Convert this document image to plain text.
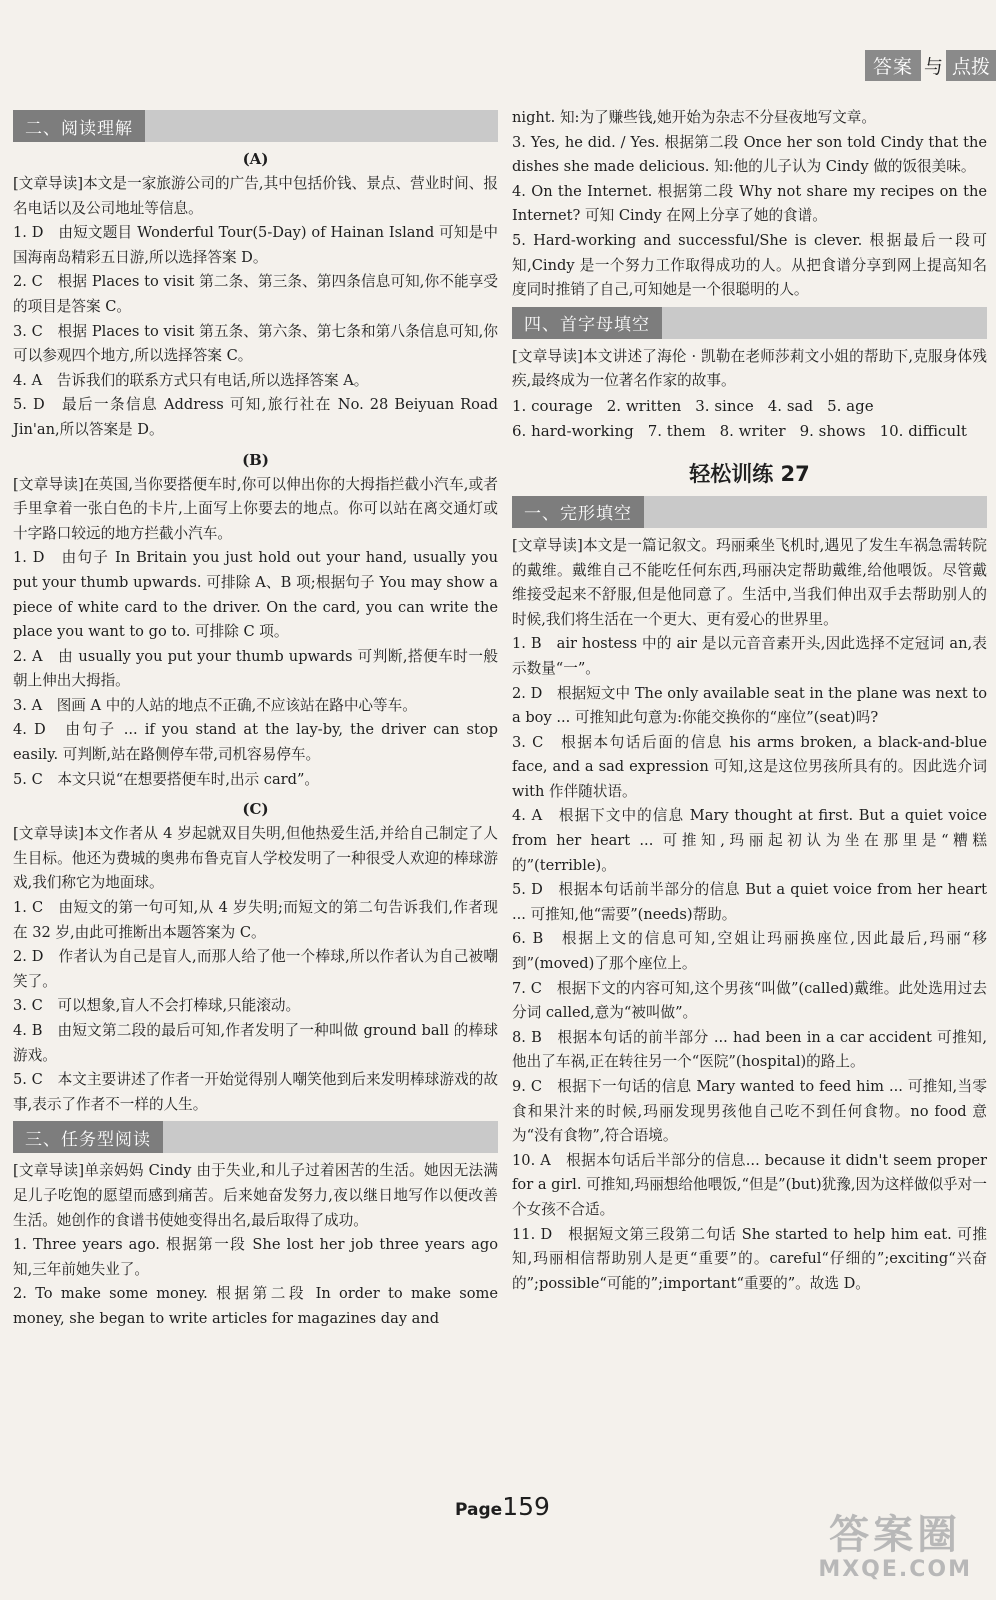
答案 与 点拨
二、阅读理解
(A)

[文章导读]本文是一家旅游公司的广告,其中包括价钱、景点、营业时间、报名电话以及公司地址等信息。

1. D　由短文题目 Wonderful Tour(5-Day) of Hainan Island 可知是中国海南岛精彩五日游,所以选择答案 D。

2. C　根据 Places to visit 第二条、第三条、第四条信息可知,你不能享受的项目是答案 C。

3. C　根据 Places to visit 第五条、第六条、第七条和第八条信息可知,你可以参观四个地方,所以选择答案 C。

4. A　告诉我们的联系方式只有电话,所以选择答案 A。

5. D　最后一条信息 Address 可知,旅行社在 No. 28 Beiyuan Road Jin'an,所以答案是 D。

(B)

[文章导读]在英国,当你要搭便车时,你可以伸出你的大拇指拦截小汽车,或者手里拿着一张白色的卡片,上面写上你要去的地点。你可以站在离交通灯或十字路口较远的地方拦截小汽车。

1. D　由句子 In Britain you just hold out your hand, usually you put your thumb upwards. 可排除 A、B 项;根据句子 You may show a piece of white card to the driver. On the card, you can write the place you want to go to. 可排除 C 项。

2. A　由 usually you put your thumb upwards 可判断,搭便车时一般朝上伸出大拇指。

3. A　图画 A 中的人站的地点不正确,不应该站在路中心等车。

4. D　由句子 ... if you stand at the lay-by, the driver can stop easily. 可判断,站在路侧停车带,司机容易停车。

5. C　本文只说“在想要搭便车时,出示 card”。

(C)

[文章导读]本文作者从 4 岁起就双目失明,但他热爱生活,并给自己制定了人生目标。他还为费城的奥弗布鲁克盲人学校发明了一种很受人欢迎的棒球游戏,我们称它为地面球。

1. C　由短文的第一句可知,从 4 岁失明;而短文的第二句告诉我们,作者现在 32 岁,由此可推断出本题答案为 C。

2. D　作者认为自己是盲人,而那人给了他一个棒球,所以作者认为自己被嘲笑了。

3. C　可以想象,盲人不会打棒球,只能滚动。

4. B　由短文第二段的最后可知,作者发明了一种叫做 ground ball 的棒球游戏。

5. C　本文主要讲述了作者一开始觉得别人嘲笑他到后来发明棒球游戏的故事,表示了作者不一样的人生。

三、任务型阅读

[文章导读]单亲妈妈 Cindy 由于失业,和儿子过着困苦的生活。她因无法满足儿子吃饱的愿望而感到痛苦。后来她奋发努力,夜以继日地写作以便改善生活。她创作的食谱书使她变得出名,最后取得了成功。

1. Three years ago. 根据第一段 She lost her job three years ago 知,三年前她失业了。

2. To make some money. 根据第二段 In order to make some money, she began to write articles for magazines day and

night. 知:为了赚些钱,她开始为杂志不分昼夜地写文章。

3. Yes, he did. / Yes. 根据第二段 Once her son told Cindy that the dishes she made delicious. 知:他的儿子认为 Cindy 做的饭很美味。

4. On the Internet. 根据第二段 Why not share my recipes on the Internet? 可知 Cindy 在网上分享了她的食谱。

5. Hard-working and successful/She is clever. 根据最后一段可知,Cindy 是一个努力工作取得成功的人。从把食谱分享到网上提高知名度同时推销了自己,可知她是一个很聪明的人。

四、首字母填空

[文章导读]本文讲述了海伦 · 凯勒在老师莎莉文小姐的帮助下,克服身体残疾,最终成为一位著名作家的故事。

1. courage 2. written 3. since 4. sad 5. age
6. hard-working 7. them 8. writer 9. shows 10. difficult
轻松训练 27
一、完形填空

[文章导读]本文是一篇记叙文。玛丽乘坐飞机时,遇见了发生车祸急需转院的戴维。戴维自己不能吃任何东西,玛丽决定帮助戴维,给他喂饭。尽管戴维接受起来不舒服,但是他同意了。生活中,当我们伸出双手去帮助别人的时候,我们将生活在一个更大、更有爱心的世界里。

1. B　air hostess 中的 air 是以元音音素开头,因此选择不定冠词 an,表示数量“一”。

2. D　根据短文中 The only available seat in the plane was next to a boy ... 可推知此句意为:你能交换你的“座位”(seat)吗?

3. C　根据本句话后面的信息 his arms broken, a black-and-blue face, and a sad expression 可知,这是这位男孩所具有的。因此选介词 with 作伴随状语。

4. A　根据下文中的信息 Mary thought at first. But a quiet voice from her heart ... 可推知,玛丽起初认为坐在那里是“糟糕的”(terrible)。

5. D　根据本句话前半部分的信息 But a quiet voice from her heart ... 可推知,他“需要”(needs)帮助。

6. B　根据上文的信息可知,空姐让玛丽换座位,因此最后,玛丽“移到”(moved)了那个座位上。

7. C　根据下文的内容可知,这个男孩“叫做”(called)戴维。此处选用过去分词 called,意为“被叫做”。

8. B　根据本句话的前半部分 ... had been in a car accident 可推知,他出了车祸,正在转往另一个“医院”(hospital)的路上。

9. C　根据下一句话的信息 Mary wanted to feed him ... 可推知,当零食和果汁来的时候,玛丽发现男孩他自己吃不到任何食物。no food 意为“没有食物”,符合语境。

10. A　根据本句话后半部分的信息... because it didn't seem proper for a girl. 可推知,玛丽想给他喂饭,“但是”(but)犹豫,因为这样做似乎对一个女孩不合适。

11. D　根据短文第三段第二句话 She started to help him eat. 可推知,玛丽相信帮助别人是更“重要”的。careful“仔细的”;exciting“兴奋的”;possible“可能的”;important“重要的”。故选 D。

Page159
答案圈
MXQE.COM
